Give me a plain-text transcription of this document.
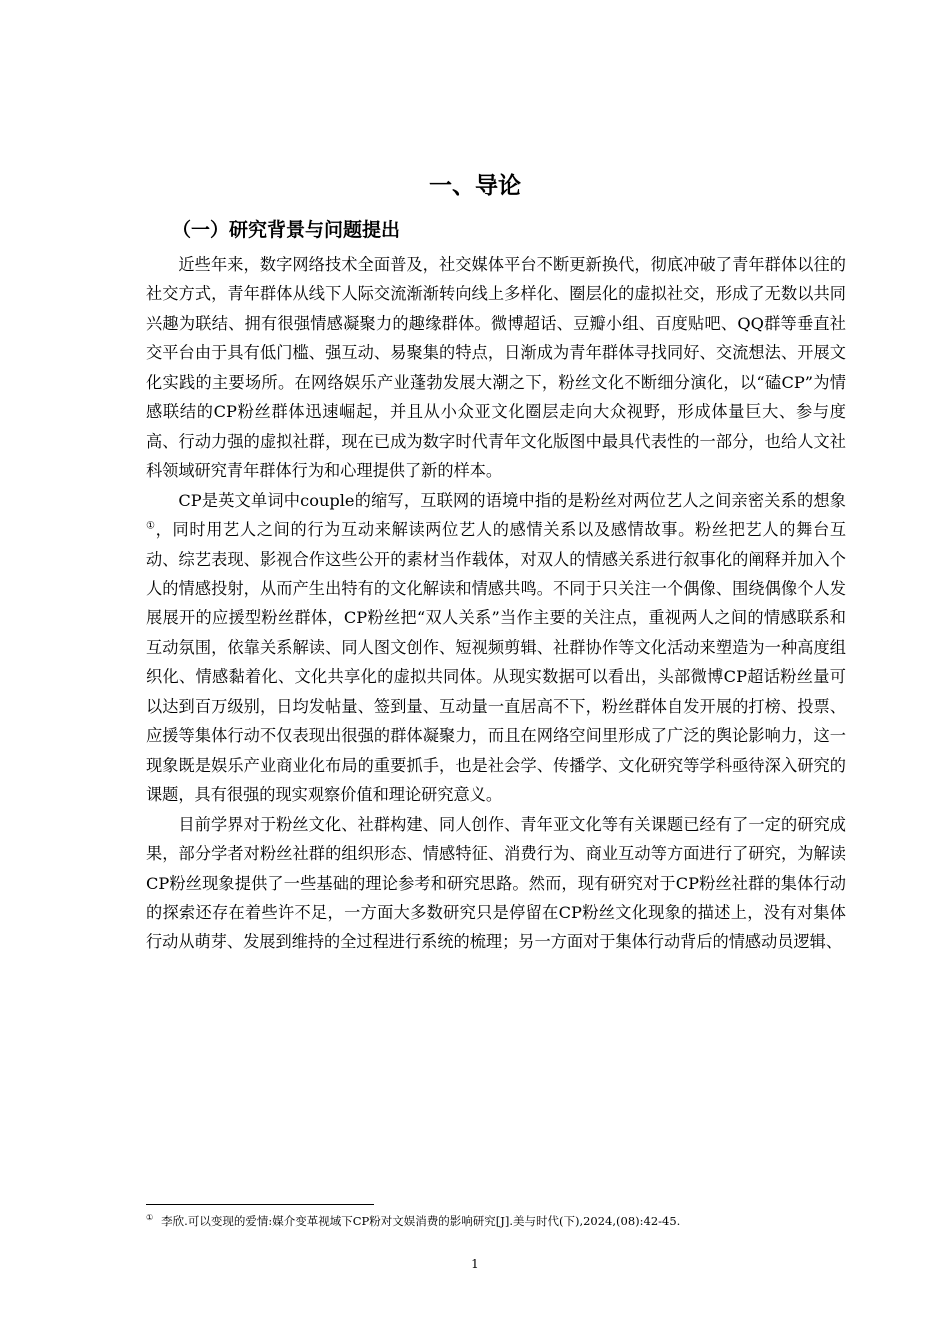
一、导论
（一）研究背景与问题提出

近些年来，数字网络技术全面普及，社交媒体平台不断更新换代，彻底冲破了青年群体以往的社交方式，青年群体从线下人际交流渐渐转向线上多样化、圈层化的虚拟社交，形成了无数以共同兴趣为联结、拥有很强情感凝聚力的趣缘群体。微博超话、豆瓣小组、百度贴吧、QQ群等垂直社交平台由于具有低门槛、强互动、易聚集的特点，日渐成为青年群体寻找同好、交流想法、开展文化实践的主要场所。在网络娱乐产业蓬勃发展大潮之下，粉丝文化不断细分演化，以“磕CP”为情感联结的CP粉丝群体迅速崛起，并且从小众亚文化圈层走向大众视野，形成体量巨大、参与度高、行动力强的虚拟社群，现在已成为数字时代青年文化版图中最具代表性的一部分，也给人文社科领域研究青年群体行为和心理提供了新的样本。

CP是英文单词中couple的缩写，互联网的语境中指的是粉丝对两位艺人之间亲密关系的想象①，同时用艺人之间的行为互动来解读两位艺人的感情关系以及感情故事。粉丝把艺人的舞台互动、综艺表现、影视合作这些公开的素材当作载体，对双人的情感关系进行叙事化的阐释并加入个人的情感投射，从而产生出特有的文化解读和情感共鸣。不同于只关注一个偶像、围绕偶像个人发展展开的应援型粉丝群体，CP粉丝把“双人关系”当作主要的关注点，重视两人之间的情感联系和互动氛围，依靠关系解读、同人图文创作、短视频剪辑、社群协作等文化活动来塑造为一种高度组织化、情感黏着化、文化共享化的虚拟共同体。从现实数据可以看出，头部微博CP超话粉丝量可以达到百万级别，日均发帖量、签到量、互动量一直居高不下，粉丝群体自发开展的打榜、投票、应援等集体行动不仅表现出很强的群体凝聚力，而且在网络空间里形成了广泛的舆论影响力，这一现象既是娱乐产业商业化布局的重要抓手，也是社会学、传播学、文化研究等学科亟待深入研究的课题，具有很强的现实观察价值和理论研究意义。

目前学界对于粉丝文化、社群构建、同人创作、青年亚文化等有关课题已经有了一定的研究成果，部分学者对粉丝社群的组织形态、情感特征、消费行为、商业互动等方面进行了研究，为解读CP粉丝现象提供了一些基础的理论参考和研究思路。然而，现有研究对于CP粉丝社群的集体行动的探索还存在着些许不足，一方面大多数研究只是停留在CP粉丝文化现象的描述上，没有对集体行动从萌芽、发展到维持的全过程进行系统的梳理；另一方面对于集体行动背后的情感动员逻辑、

① 李欣.可以变现的爱情:媒介变革视域下CP粉对文娱消费的影响研究[J].美与时代(下),2024,(08):42-45.
1
